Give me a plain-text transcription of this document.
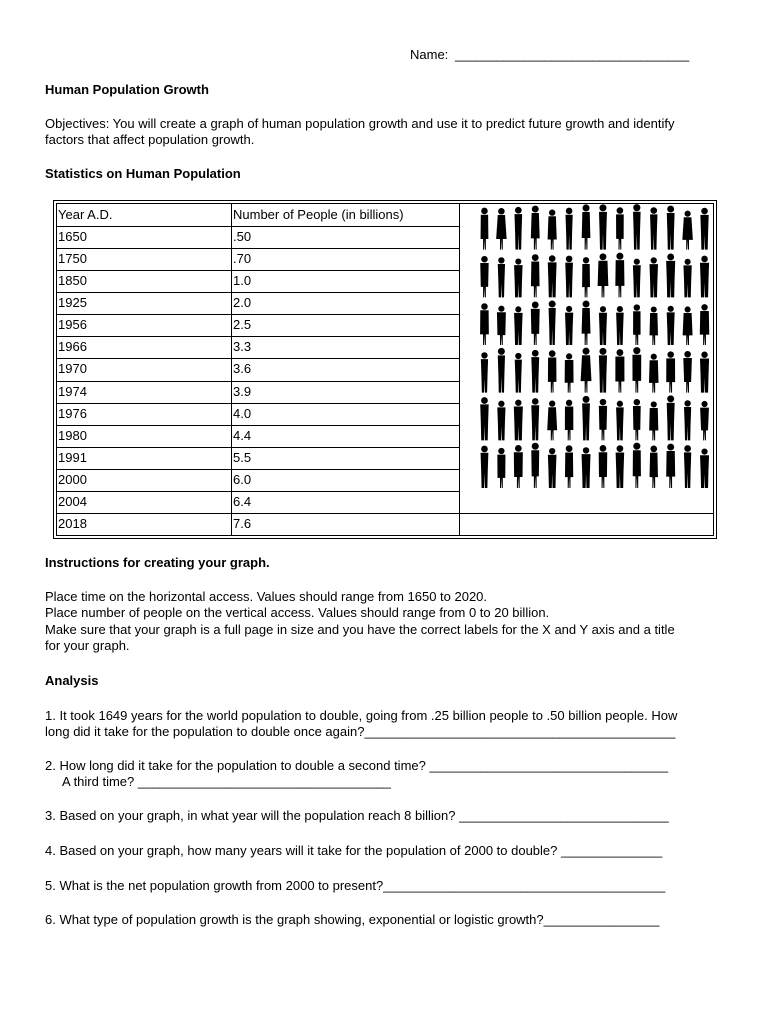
Name: __________________________________
Human Population Growth
Objectives: You will create a graph of human population growth and use it to predict future growth and identify
factors that affect population growth.
Statistics on Human Population
Year A.D.	Number of People (in billions)
1650	.50
1750	.70
1850	1.0
1925	2.0
1956	2.5
1966	3.3
1970	3.6
1974	3.9
1976	4.0
1980	4.4
1991	5.5
2000	6.0
2004	6.4
2018	7.6
Instructions for creating your graph.
Place time on the horizontal access. Values should range from 1650 to 2020.
Place number of people on the vertical access. Values should range from 0 to 20 billion.
Make sure that your graph is a full page in size and you have the correct labels for the X and Y axis and a title
for your graph.
Analysis
1. It took 1649 years for the world population to double, going from .25 billion people to .50 billion people. How
long did it take for the population to double once again?___________________________________________
2. How long did it take for the population to double a second time? _________________________________
A third time? ___________________________________
3. Based on your graph, in what year will the population reach 8 billion? _____________________________
4. Based on your graph, how many years will it take for the population of 2000 to double? ______________
5. What is the net population growth from 2000 to present?_______________________________________
6. What type of population growth is the graph showing, exponential or logistic growth?________________
